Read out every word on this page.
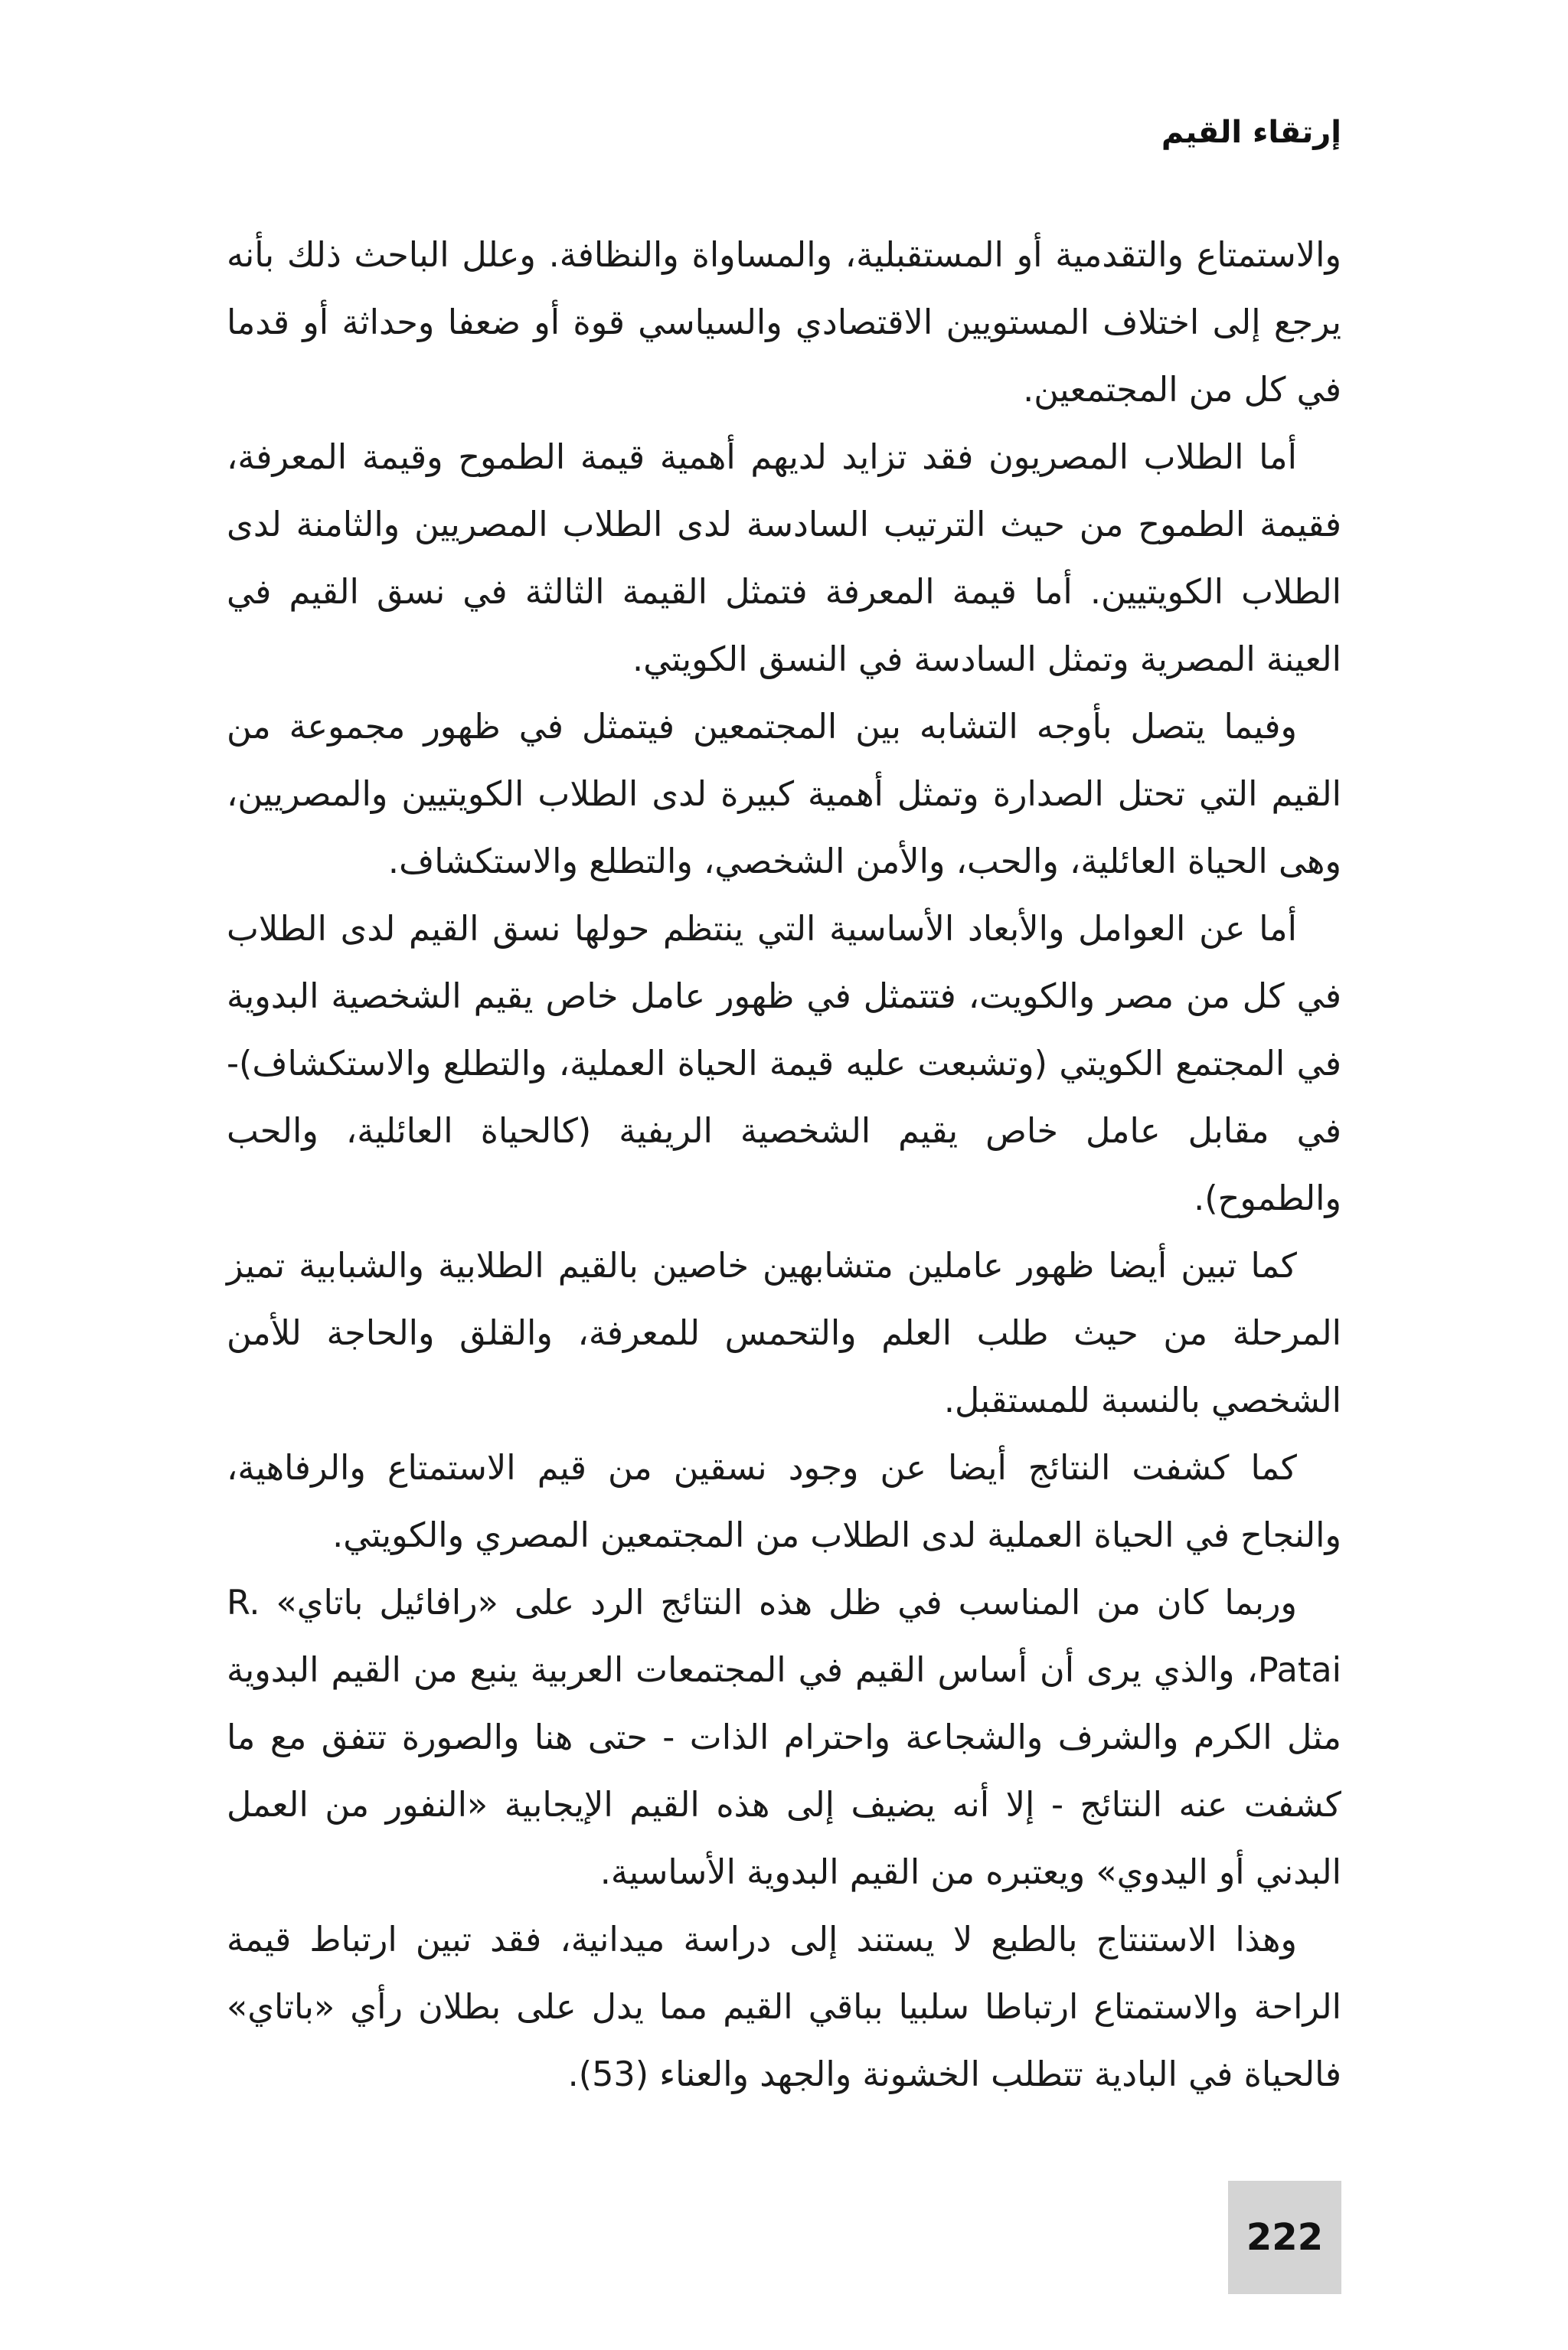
إرتقاء القيم

والاستمتاع والتقدمية أو المستقبلية، والمساواة والنظافة. وعلل الباحث ذلك بأنه يرجع إلى اختلاف المستويين الاقتصادي والسياسي قوة أو ضعفا وحداثة أو قدما في كل من المجتمعين.

أما الطلاب المصريون فقد تزايد لديهم أهمية قيمة الطموح وقيمة المعرفة، فقيمة الطموح من حيث الترتيب السادسة لدى الطلاب المصريين والثامنة لدى الطلاب الكويتيين. أما قيمة المعرفة فتمثل القيمة الثالثة في نسق القيم في العينة المصرية وتمثل السادسة في النسق الكويتي.

وفيما يتصل بأوجه التشابه بين المجتمعين فيتمثل في ظهور مجموعة من القيم التي تحتل الصدارة وتمثل أهمية كبيرة لدى الطلاب الكويتيين والمصريين، وهى الحياة العائلية، والحب، والأمن الشخصي، والتطلع والاستكشاف.

أما عن العوامل والأبعاد الأساسية التي ينتظم حولها نسق القيم لدى الطلاب في كل من مصر والكويت، فتتمثل في ظهور عامل خاص يقيم الشخصية البدوية في المجتمع الكويتي (وتشبعت عليه قيمة الحياة العملية، والتطلع والاستكشاف)-في مقابل عامل خاص يقيم الشخصية الريفية (كالحياة العائلية، والحب والطموح).

كما تبين أيضا ظهور عاملين متشابهين خاصين بالقيم الطلابية والشبابية تميز المرحلة من حيث طلب العلم والتحمس للمعرفة، والقلق والحاجة للأمن الشخصي بالنسبة للمستقبل.

كما كشفت النتائج أيضا عن وجود نسقين من قيم الاستمتاع والرفاهية، والنجاح في الحياة العملية لدى الطلاب من المجتمعين المصري والكويتي.

وربما كان من المناسب في ظل هذه النتائج الرد على «رافائيل باتاي» R. Patai، والذي يرى أن أساس القيم في المجتمعات العربية ينبع من القيم البدوية مثل الكرم والشرف والشجاعة واحترام الذات - حتى هنا والصورة تتفق مع ما كشفت عنه النتائج - إلا أنه يضيف إلى هذه القيم الإيجابية «النفور من العمل البدني أو اليدوي» ويعتبره من القيم البدوية الأساسية.

وهذا الاستنتاج بالطبع لا يستند إلى دراسة ميدانية، فقد تبين ارتباط قيمة الراحة والاستمتاع ارتباطا سلبيا بباقي القيم مما يدل على بطلان رأي «باتاي» فالحياة في البادية تتطلب الخشونة والجهد والعناء (53).

222
